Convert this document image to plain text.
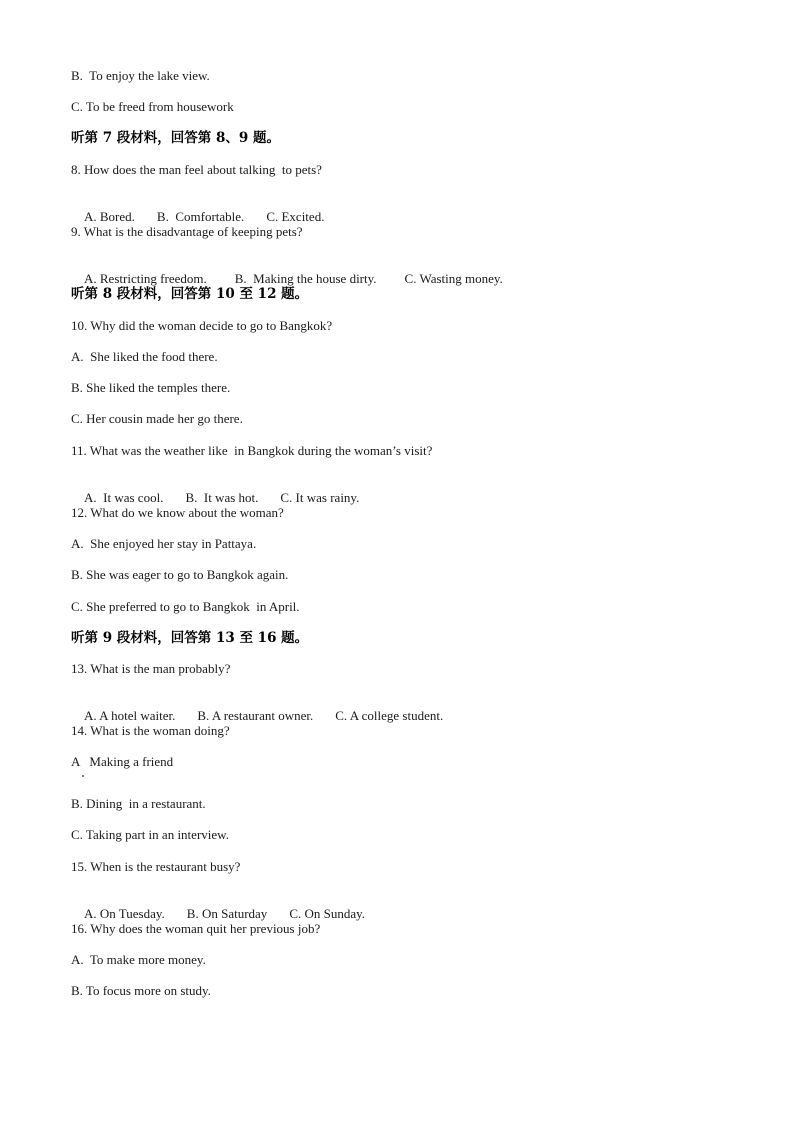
B.  To enjoy the lake view.
C. To be freed from housework
听第 7 段材料，回答第 8、9 题。
8. How does the man feel about talking  to pets?

A. Bored. B.  Comfortable. C. Excited.

9. What is the disadvantage of keeping pets?

A. Restricting freedom. B.  Making the house dirty. C. Wasting money.

听第 8 段材料，回答第 10 至 12 题。
10. Why did the woman decide to go to Bangkok?
A.  She liked the food there.
B. She liked the temples there.
C. Her cousin made her go there.
11. What was the weather like  in Bangkok during the woman’s visit?

A.  It was cool. B.  It was hot. C. It was rainy.

12. What do we know about the woman?
A.  She enjoyed her stay in Pattaya.
B. She was eager to go to Bangkok again.
C. She preferred to go to Bangkok  in April.
听第 9 段材料，回答第 13 至 16 题。
13. What is the man probably?

A. A hotel waiter. B. A restaurant owner. C. A college student.

14. What is the woman doing?
A   Making a friend
B. Dining  in a restaurant.
C. Taking part in an interview.
15. When is the restaurant busy?

A. On Tuesday. B. On Saturday C. On Sunday.

16. Why does the woman quit her previous job?
A.  To make more money.
B. To focus more on study.
